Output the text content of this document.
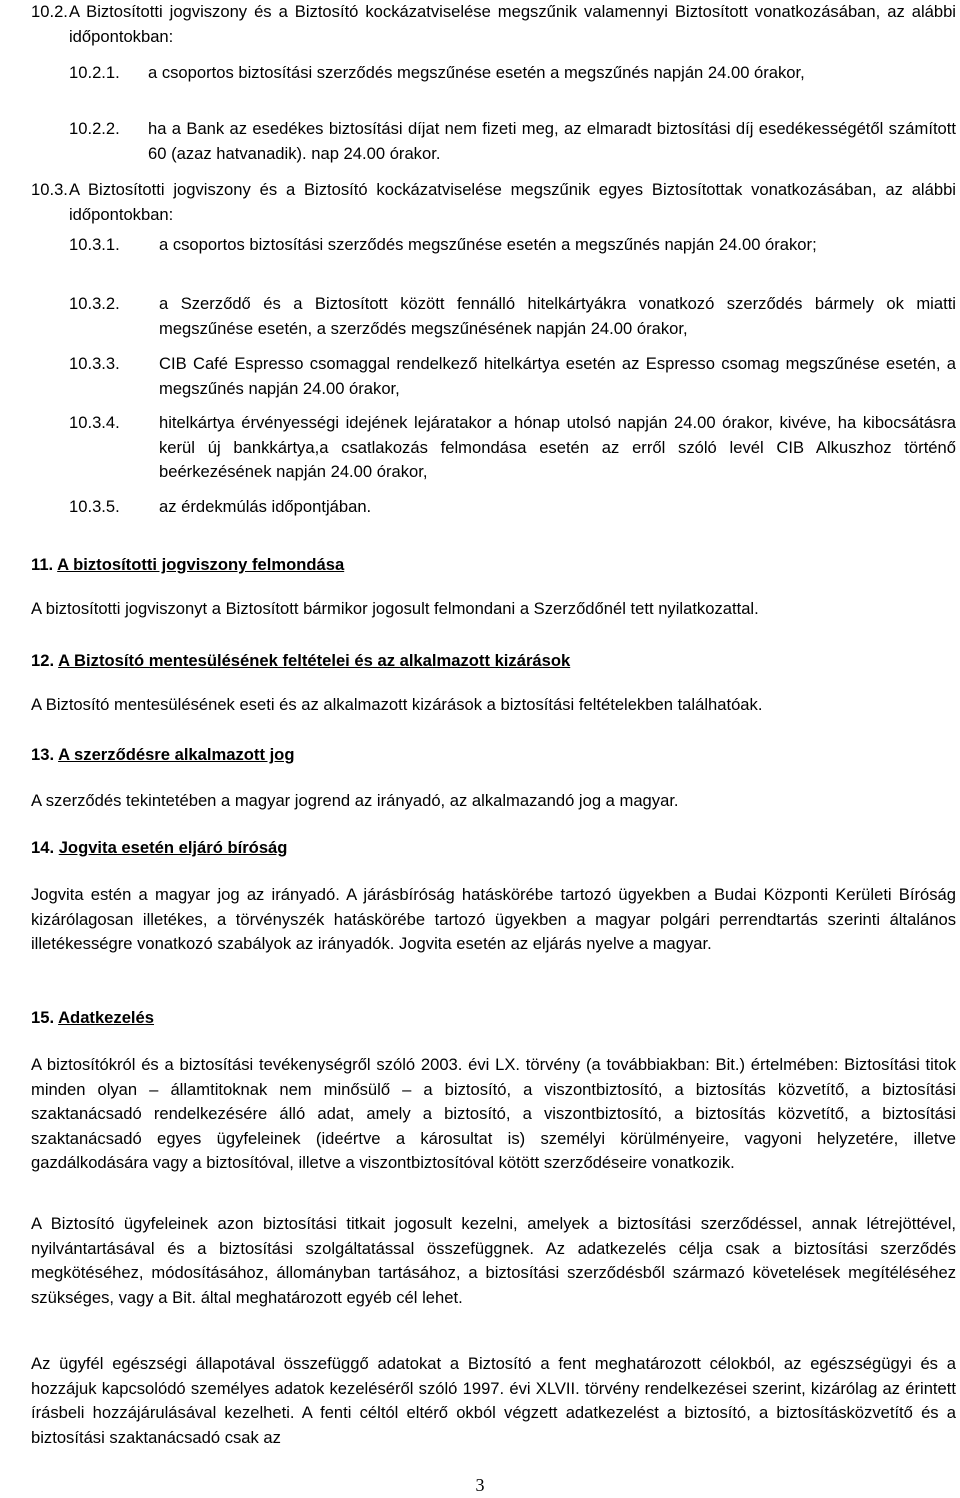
10.2. A Biztosítotti jogviszony és a Biztosító kockázatviselése megszűnik valamennyi Biztosított vonatkozásában, az alábbi időpontokban:
10.2.1. a csoportos biztosítási szerződés megszűnése esetén a megszűnés napján 24.00 órakor,
10.2.2. ha a Bank az esedékes biztosítási díjat nem fizeti meg, az elmaradt biztosítási díj esedékességétől számított 60 (azaz hatvanadik). nap 24.00 órakor.
10.3. A Biztosítotti jogviszony és a Biztosító kockázatviselése megszűnik egyes Biztosítottak vonatkozásában, az alábbi időpontokban:
10.3.1. a csoportos biztosítási szerződés megszűnése esetén a megszűnés napján 24.00 órakor;
10.3.2. a Szerződő és a Biztosított között fennálló hitelkártyákra vonatkozó szerződés bármely ok miatti megszűnése esetén, a szerződés megszűnésének napján 24.00 órakor,
10.3.3. CIB Café Espresso csomaggal rendelkező hitelkártya esetén az Espresso csomag megszűnése esetén, a megszűnés napján 24.00 órakor,
10.3.4. hitelkártya érvényességi idejének lejáratakor a hónap utolsó napján 24.00 órakor, kivéve, ha kibocsátásra kerül új bankkártya,a csatlakozás felmondása esetén az erről szóló levél CIB Alkuszhoz történő beérkezésének napján 24.00 órakor,
10.3.5. az érdekmúlás időpontjában.
11. A biztosítotti jogviszony felmondása
A biztosítotti jogviszonyt a Biztosított bármikor jogosult felmondani a Szerződőnél tett nyilatkozattal.
12. A Biztosító mentesülésének feltételei és az alkalmazott kizárások
A Biztosító mentesülésének eseti és az alkalmazott kizárások a biztosítási feltételekben találhatóak.
13. A szerződésre alkalmazott jog
A szerződés tekintetében a magyar jogrend az irányadó, az alkalmazandó jog a magyar.
14. Jogvita esetén eljáró bíróság
Jogvita estén a magyar jog az irányadó. A járásbíróság hatáskörébe tartozó ügyekben a Budai Központi Kerületi Bíróság kizárólagosan illetékes, a törvényszék hatáskörébe tartozó ügyekben a magyar polgári perrendtartás szerinti általános illetékességre vonatkozó szabályok az irányadók. Jogvita esetén az eljárás nyelve a magyar.
15. Adatkezelés
A biztosítókról és a biztosítási tevékenységről szóló 2003. évi LX. törvény (a továbbiakban: Bit.) értelmében: Biztosítási titok minden olyan – államtitoknak nem minősülő – a biztosító, a viszontbiztosító, a biztosítás közvetítő, a biztosítási szaktanácsadó rendelkezésére álló adat, amely a biztosító, a viszontbiztosító, a biztosítás közvetítő, a biztosítási szaktanácsadó egyes ügyfeleinek (ideértve a károsultat is) személyi körülményeire, vagyoni helyzetére, illetve gazdálkodására vagy a biztosítóval, illetve a viszontbiztosítóval kötött szerződéseire vonatkozik.
A Biztosító ügyfeleinek azon biztosítási titkait jogosult kezelni, amelyek a biztosítási szerződéssel, annak létrejöttével, nyilvántartásával és a biztosítási szolgáltatással összefüggnek. Az adatkezelés célja csak a biztosítási szerződés megkötéséhez, módosításához, állományban tartásához, a biztosítási szerződésből származó követelések megítéléséhez szükséges, vagy a Bit. által meghatározott egyéb cél lehet.
Az ügyfél egészségi állapotával összefüggő adatokat a Biztosító a fent meghatározott célokból, az egészségügyi és a hozzájuk kapcsolódó személyes adatok kezeléséről szóló 1997. évi XLVII. törvény rendelkezései szerint, kizárólag az érintett írásbeli hozzájárulásával kezelheti. A fenti céltól eltérő okból végzett adatkezelést a biztosító, a biztosításközvetítő és a biztosítási szaktanácsadó csak az
3
